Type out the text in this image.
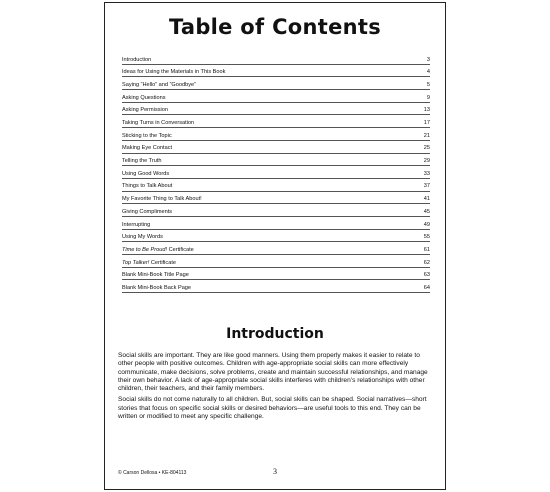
Table of Contents
Introduction	3
Ideas for Using the Materials in This Book	4
Saying “Hello” and “Goodbye”	5
Asking Questions	9
Asking Permission	13
Taking Turns in Conversation	17
Sticking to the Topic	21
Making Eye Contact	25
Telling the Truth	29
Using Good Words	33
Things to Talk About	37
My Favorite Thing to Talk About!	41
Giving Compliments	45
Interrupting	49
Using My Words	55
Time to Be Proud! Certificate	61
Top Talker! Certificate	62
Blank Mini-Book Title Page	63
Blank Mini-Book Back Page	64
Introduction

Social skills are important. They are like good manners. Using them properly makes it easier to relate to other people with positive outcomes. Children with age-appropriate social skills can more effectively communicate, make decisions, solve problems, create and maintain successful relationships, and manage their own behavior. A lack of age-appropriate social skills interferes with children’s relationships with other children, their teachers, and their family members.

Social skills do not come naturally to all children. But, social skills can be shaped. Social narratives—short stories that focus on specific social skills or desired behaviors—are useful tools to this end. They can be written or modified to meet any specific challenge.

© Carson Dellosa • KE-804113	3
